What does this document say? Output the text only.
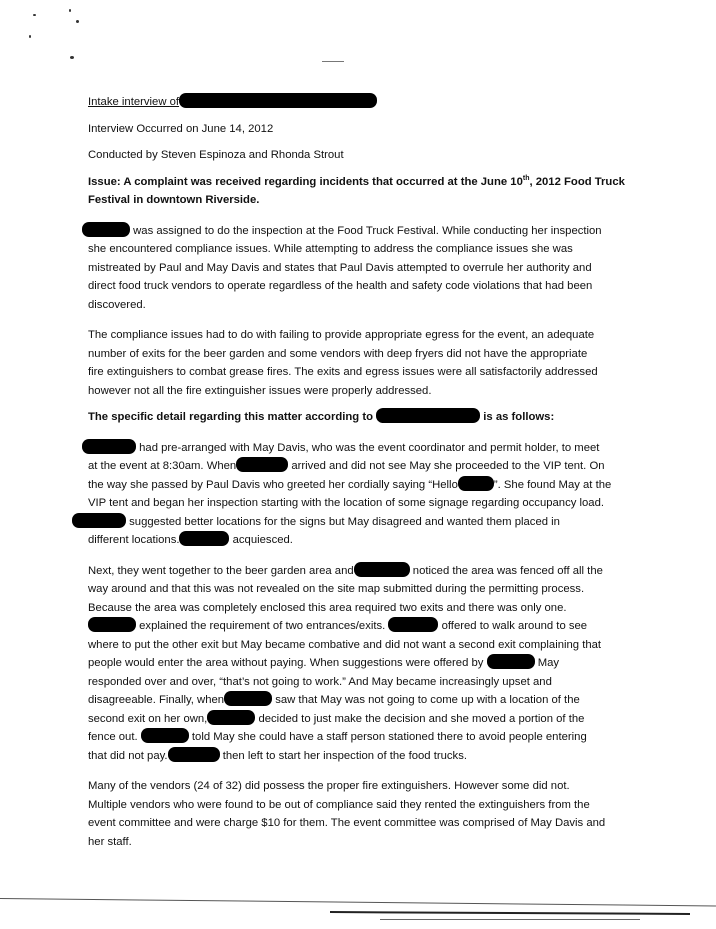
Intake interview of
Interview Occurred on June 14, 2012
Conducted by Steven Espinoza and Rhonda Strout
Issue: A complaint was received regarding incidents that occurred at the June 10th, 2012 Food Truck
Festival in downtown Riverside.
was assigned to do the inspection at the Food Truck Festival. While conducting her inspection
she encountered compliance issues. While attempting to address the compliance issues she was
mistreated by Paul and May Davis and states that Paul Davis attempted to overrule her authority and
direct food truck vendors to operate regardless of the health and safety code violations that had been
discovered.
The compliance issues had to do with failing to provide appropriate egress for the event, an adequate
number of exits for the beer garden and some vendors with deep fryers did not have the appropriate
fire extinguishers to combat grease fires. The exits and egress issues were all satisfactorily addressed
however not all the fire extinguisher issues were properly addressed.
The specific detail regarding this matter according to	is as follows:
had pre-arranged with May Davis, who was the event coordinator and permit holder, to meet
at the event at 8:30am. When	arrived and did not see May she proceeded to the VIP tent. On
the way she passed by Paul Davis who greeted her cordially saying “Hello	”. She found May at the
VIP tent and began her inspection starting with the location of some signage regarding occupancy load.
suggested better locations for the signs but May disagreed and wanted them placed in
different locations.	acquiesced.
Next, they went together to the beer garden area and	noticed the area was fenced off all the
way around and that this was not revealed on the site map submitted during the permitting process.
Because the area was completely enclosed this area required two exits and there was only one.
explained the requirement of two entrances/exits.	offered to walk around to see
where to put the other exit but May became combative and did not want a second exit complaining that
people would enter the area without paying. When suggestions were offered by	May
responded over and over, “that’s not going to work.” And May became increasingly upset and
disagreeable. Finally, when	saw that May was not going to come up with a location of the
second exit on her own,	decided to just make the decision and she moved a portion of the
fence out.	told May she could have a staff person stationed there to avoid people entering
that did not pay.	then left to start her inspection of the food trucks.
Many of the vendors (24 of 32) did possess the proper fire extinguishers. However some did not.
Multiple vendors who were found to be out of compliance said they rented the extinguishers from the
event committee and were charge $10 for them. The event committee was comprised of May Davis and
her staff.
